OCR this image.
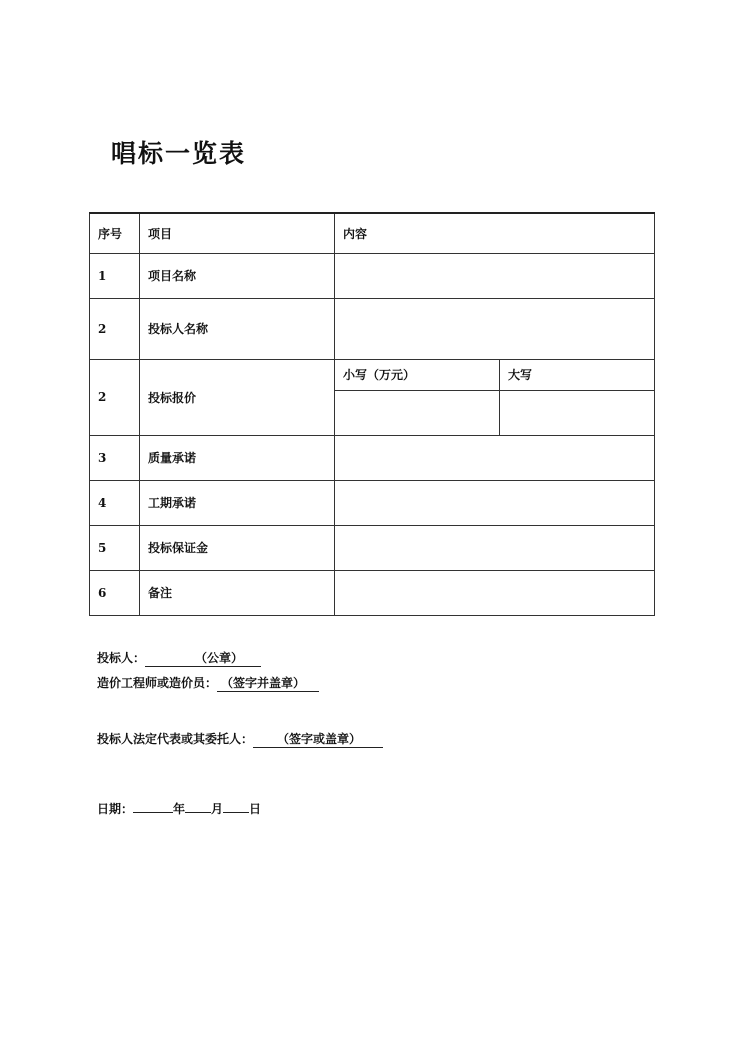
唱标一览表
序号	项目	内容	
1	项目名称		
2	投标人名称		
2	投标报价	小写（万元）	大写

3	质量承诺		
4	工期承诺		
5	投标保证金		
6	备注		
投标人：	（公章）
造价工程师或造价员： （签字并盖章）
投标人法定代表或其委托人： （签字或盖章）
日期：	年 月 日
